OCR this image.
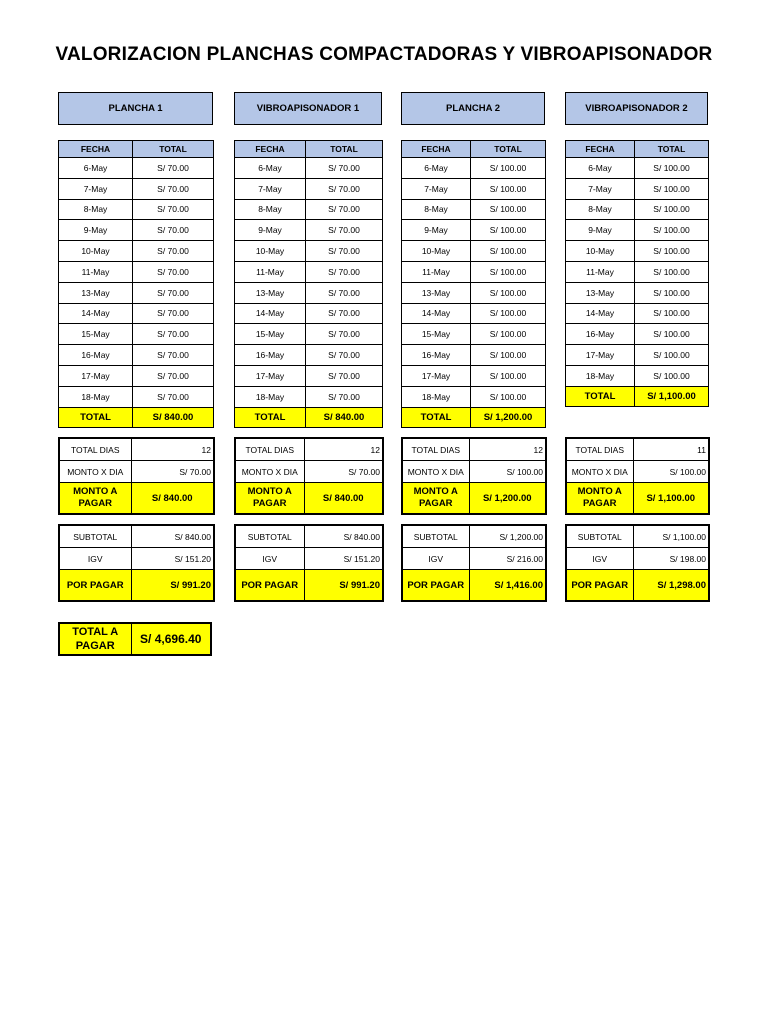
VALORIZACION PLANCHAS COMPACTADORAS Y VIBROAPISONADOR
PLANCHA 1
FECHA	TOTAL
6-May	S/ 70.00
7-May	S/ 70.00
8-May	S/ 70.00
9-May	S/ 70.00
10-May	S/ 70.00
11-May	S/ 70.00
13-May	S/ 70.00
14-May	S/ 70.00
15-May	S/ 70.00
16-May	S/ 70.00
17-May	S/ 70.00
18-May	S/ 70.00
TOTAL	S/ 840.00
TOTAL DIAS	12
MONTO X DIA	S/ 70.00
MONTO A PAGAR	S/ 840.00
SUBTOTAL	S/ 840.00
IGV	S/ 151.20
POR PAGAR	S/ 991.20
VIBROAPISONADOR 1
FECHA	TOTAL
6-May	S/ 70.00
7-May	S/ 70.00
8-May	S/ 70.00
9-May	S/ 70.00
10-May	S/ 70.00
11-May	S/ 70.00
13-May	S/ 70.00
14-May	S/ 70.00
15-May	S/ 70.00
16-May	S/ 70.00
17-May	S/ 70.00
18-May	S/ 70.00
TOTAL	S/ 840.00
TOTAL DIAS	12
MONTO X DIA	S/ 70.00
MONTO A PAGAR	S/ 840.00
SUBTOTAL	S/ 840.00
IGV	S/ 151.20
POR PAGAR	S/ 991.20
PLANCHA 2
FECHA	TOTAL
6-May	S/ 100.00
7-May	S/ 100.00
8-May	S/ 100.00
9-May	S/ 100.00
10-May	S/ 100.00
11-May	S/ 100.00
13-May	S/ 100.00
14-May	S/ 100.00
15-May	S/ 100.00
16-May	S/ 100.00
17-May	S/ 100.00
18-May	S/ 100.00
TOTAL	S/ 1,200.00
TOTAL DIAS	12
MONTO X DIA	S/ 100.00
MONTO A PAGAR	S/ 1,200.00
SUBTOTAL	S/ 1,200.00
IGV	S/ 216.00
POR PAGAR	S/ 1,416.00
VIBROAPISONADOR 2
FECHA	TOTAL
6-May	S/ 100.00
7-May	S/ 100.00
8-May	S/ 100.00
9-May	S/ 100.00
10-May	S/ 100.00
11-May	S/ 100.00
13-May	S/ 100.00
14-May	S/ 100.00
16-May	S/ 100.00
17-May	S/ 100.00
18-May	S/ 100.00
TOTAL	S/ 1,100.00
TOTAL DIAS	11
MONTO X DIA	S/ 100.00
MONTO A PAGAR	S/ 1,100.00
SUBTOTAL	S/ 1,100.00
IGV	S/ 198.00
POR PAGAR	S/ 1,298.00
TOTAL A PAGAR	S/ 4,696.40
